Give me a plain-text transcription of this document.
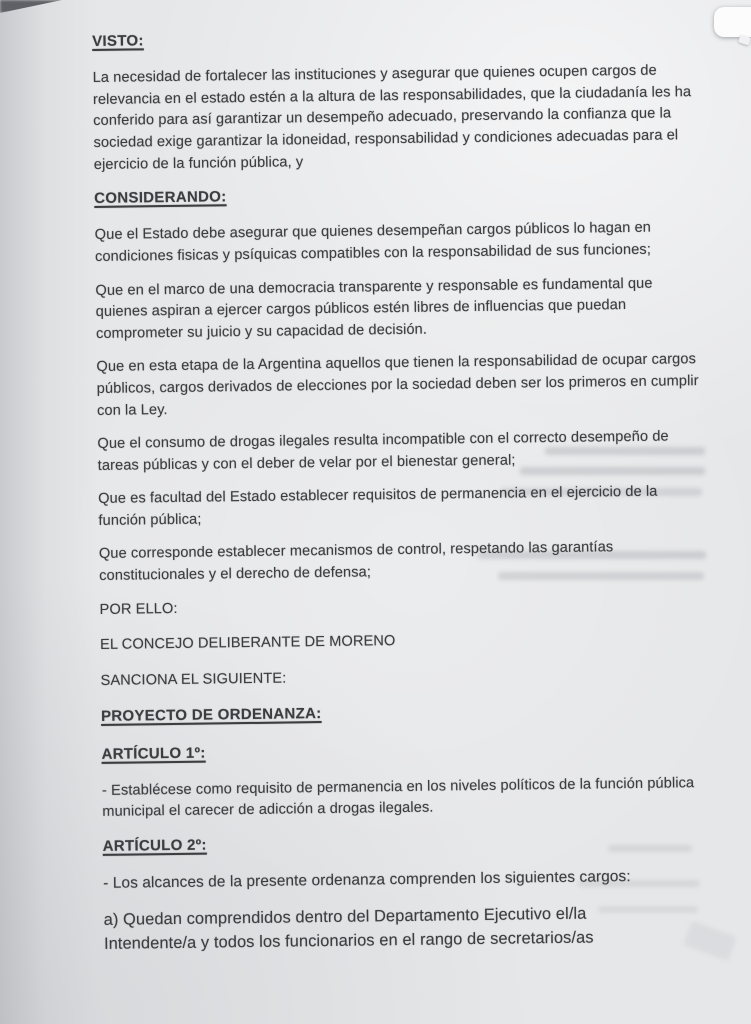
VISTO:

La necesidad de fortalecer las instituciones y asegurar que quienes ocupen cargos de relevancia en el estado estén a la altura de las responsabilidades, que la ciudadanía les ha conferido para así garantizar un desempeño adecuado, preservando la confianza que la sociedad exige garantizar la idoneidad, responsabilidad y condiciones adecuadas para el ejercicio de la función pública, y

CONSIDERANDO:

Que el Estado debe asegurar que quienes desempeñan cargos públicos lo hagan en condiciones fisicas y psíquicas compatibles con la responsabilidad de sus funciones;

Que en el marco de una democracia transparente y responsable es fundamental que quienes aspiran a ejercer cargos públicos estén libres de influencias que puedan comprometer su juicio y su capacidad de decisión.

Que en esta etapa de la Argentina aquellos que tienen la responsabilidad de ocupar cargos públicos, cargos derivados de elecciones por la sociedad deben ser los primeros en cumplir con la Ley.

Que el consumo de drogas ilegales resulta incompatible con el correcto desempeño de tareas públicas y con el deber de velar por el bienestar general;

Que es facultad del Estado establecer requisitos de permanencia en el ejercicio de la función pública;

Que corresponde establecer mecanismos de control, respetando las garantías constitucionales y el derecho de defensa;

POR ELLO:

EL CONCEJO DELIBERANTE DE MORENO

SANCIONA EL SIGUIENTE:

PROYECTO DE ORDENANZA:

ARTÍCULO 1º:

- Establécese como requisito de permanencia en los niveles políticos de la función pública municipal el carecer de adicción a drogas ilegales.

ARTÍCULO 2º:

- Los alcances de la presente ordenanza comprenden los siguientes cargos:

a) Quedan comprendidos dentro del Departamento Ejecutivo el/la Intendente/a y todos los funcionarios en el rango de secretarios/as
